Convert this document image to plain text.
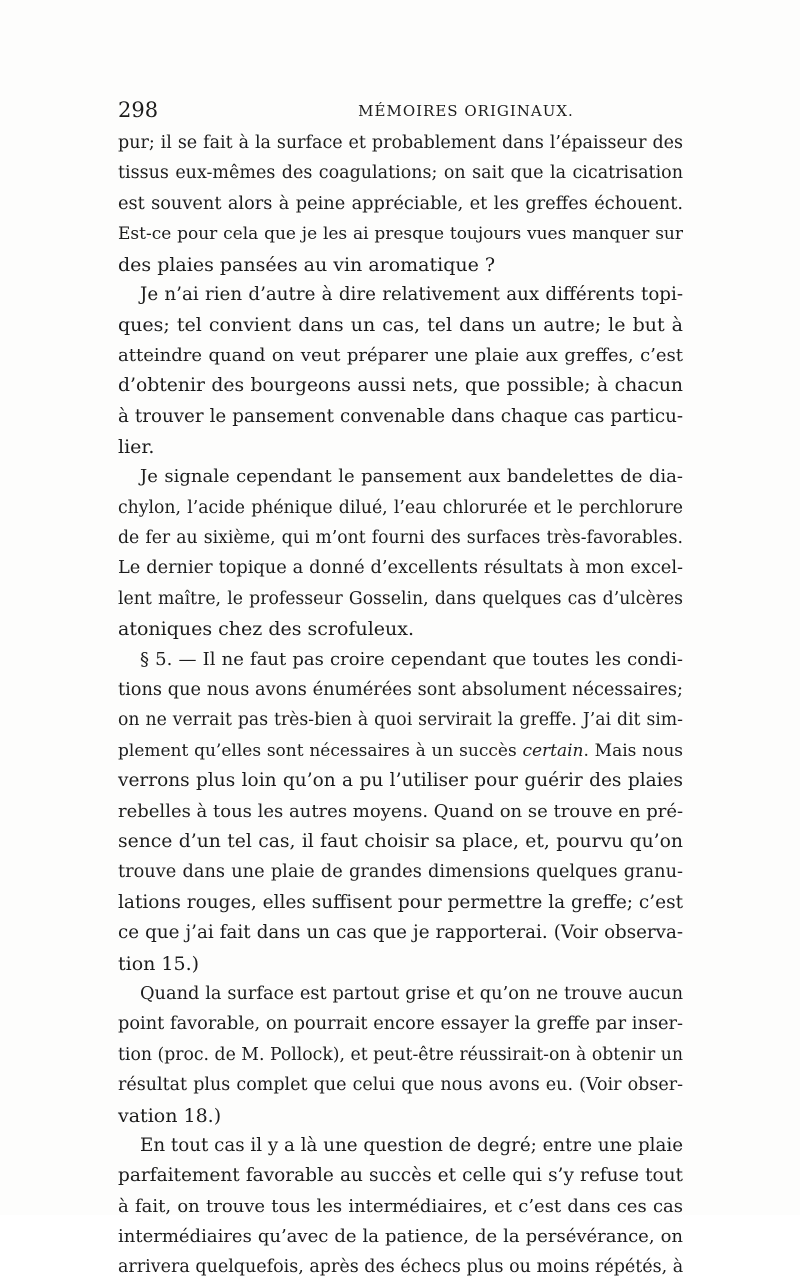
298	MÉMOIRES ORIGINAUX.
pur; il se fait à la surface et probablement dans l’épaisseur des
tissus eux-mêmes des coagulations; on sait que la cicatrisation
est souvent alors à peine appréciable, et les greffes échouent.
Est-ce pour cela que je les ai presque toujours vues manquer sur
des plaies pansées au vin aromatique ?
Je n’ai rien d’autre à dire relativement aux différents topi-
ques; tel convient dans un cas, tel dans un autre; le but à
atteindre quand on veut préparer une plaie aux greffes, c’est
d’obtenir des bourgeons aussi nets, que possible; à chacun
à trouver le pansement convenable dans chaque cas particu-
lier.
Je signale cependant le pansement aux bandelettes de dia-
chylon, l’acide phénique dilué, l’eau chlorurée et le perchlorure
de fer au sixième, qui m’ont fourni des surfaces très-favorables.
Le dernier topique a donné d’excellents résultats à mon excel-
lent maître, le professeur Gosselin, dans quelques cas d’ulcères
atoniques chez des scrofuleux.
§ 5. — Il ne faut pas croire cependant que toutes les condi-
tions que nous avons énumérées sont absolument nécessaires;
on ne verrait pas très-bien à quoi servirait la greffe. J’ai dit sim-
plement qu’elles sont nécessaires à un succès certain. Mais nous
verrons plus loin qu’on a pu l’utiliser pour guérir des plaies
rebelles à tous les autres moyens. Quand on se trouve en pré-
sence d’un tel cas, il faut choisir sa place, et, pourvu qu’on
trouve dans une plaie de grandes dimensions quelques granu-
lations rouges, elles suffisent pour permettre la greffe; c’est
ce que j’ai fait dans un cas que je rapporterai. (Voir observa-
tion 15.)
Quand la surface est partout grise et qu’on ne trouve aucun
point favorable, on pourrait encore essayer la greffe par inser-
tion (proc. de M. Pollock), et peut-être réussirait-on à obtenir un
résultat plus complet que celui que nous avons eu. (Voir obser-
vation 18.)
En tout cas il y a là une question de degré; entre une plaie
parfaitement favorable au succès et celle qui s’y refuse tout
à fait, on trouve tous les intermédiaires, et c’est dans ces cas
intermédiaires qu’avec de la patience, de la persévérance, on
arrivera quelquefois, après des échecs plus ou moins répétés, à
